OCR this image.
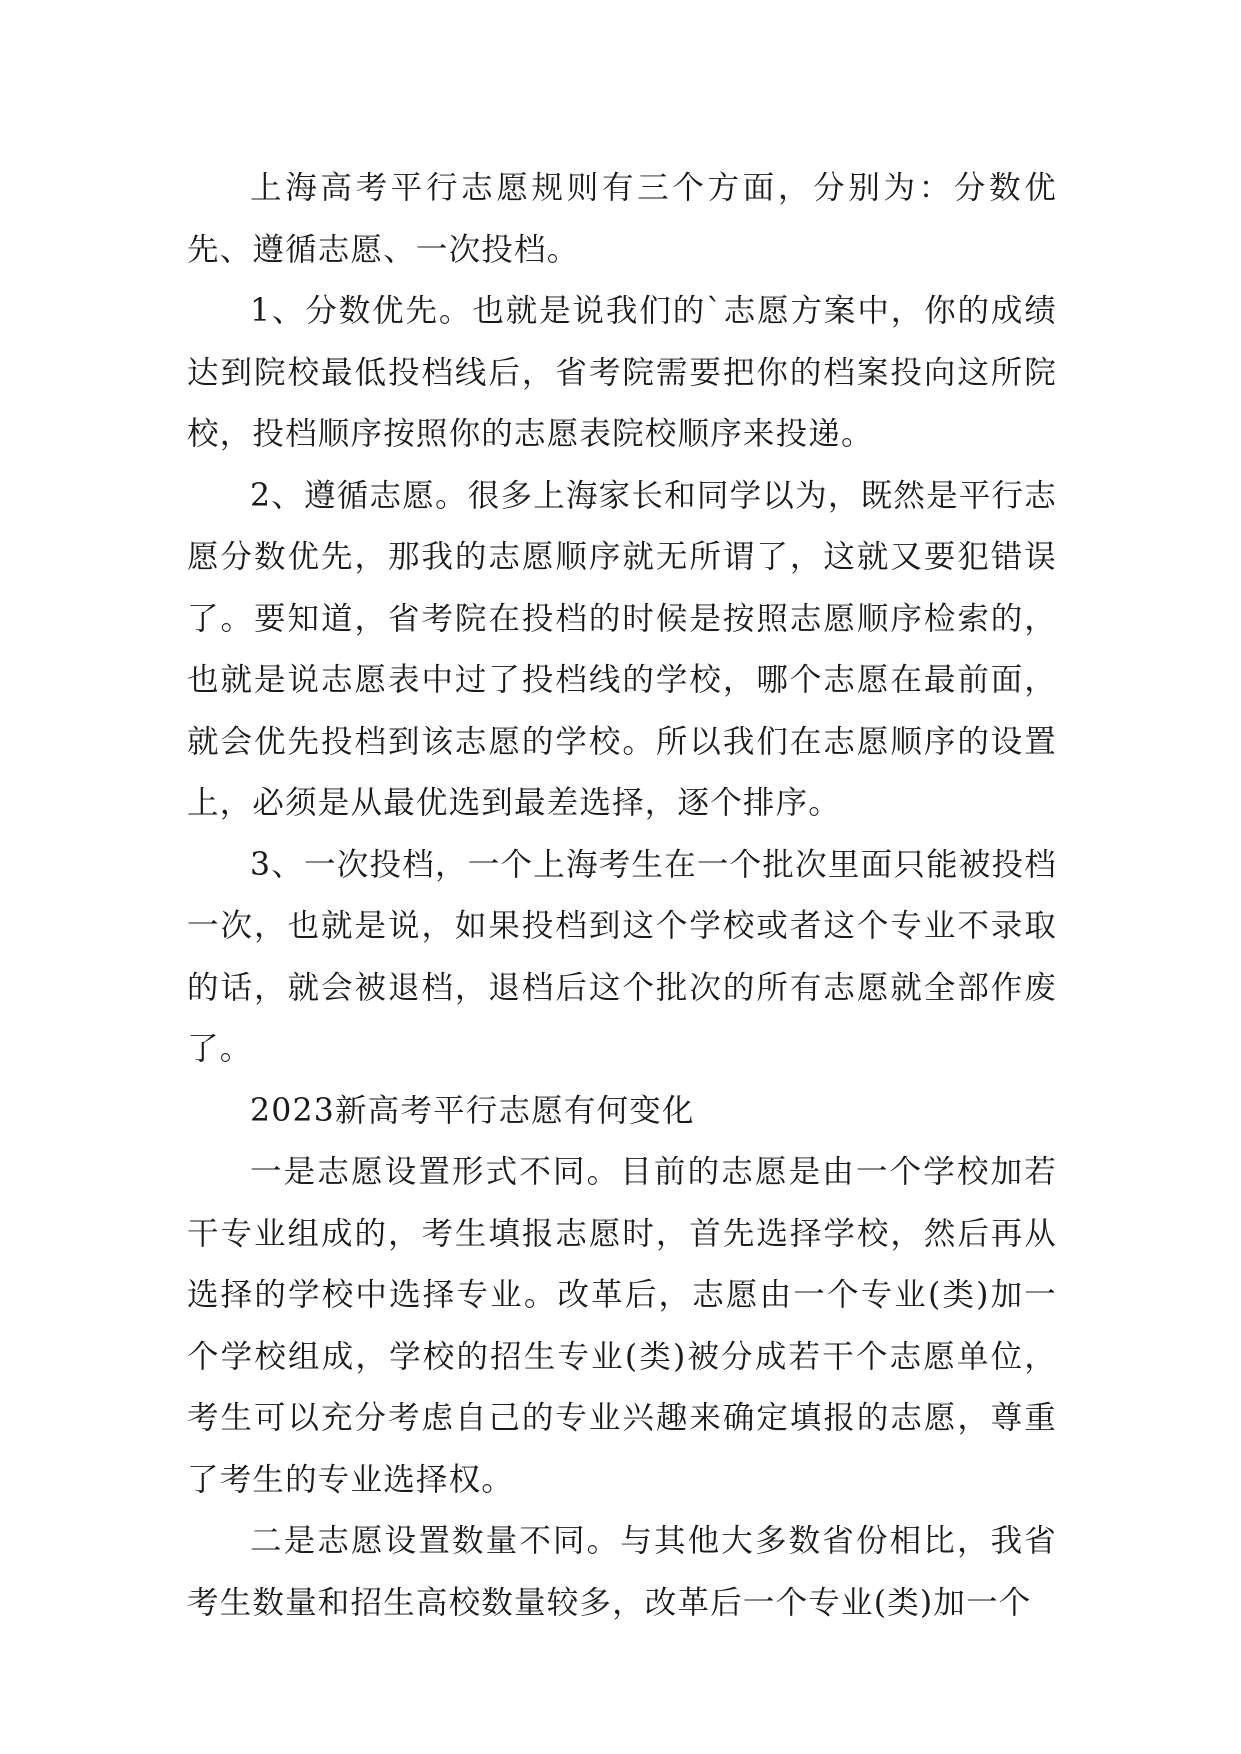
上海高考平行志愿规则有三个方面，分别为：分数优先、遵循志愿、一次投档。

1、分数优先。也就是说我们的`志愿方案中，你的成绩达到院校最低投档线后，省考院需要把你的档案投向这所院校，投档顺序按照你的志愿表院校顺序来投递。

2、遵循志愿。很多上海家长和同学以为，既然是平行志愿分数优先，那我的志愿顺序就无所谓了，这就又要犯错误了。要知道，省考院在投档的时候是按照志愿顺序检索的，也就是说志愿表中过了投档线的学校，哪个志愿在最前面，就会优先投档到该志愿的学校。所以我们在志愿顺序的设置上，必须是从最优选到最差选择，逐个排序。

3、一次投档，一个上海考生在一个批次里面只能被投档一次，也就是说，如果投档到这个学校或者这个专业不录取的话，就会被退档，退档后这个批次的所有志愿就全部作废了。

2023新高考平行志愿有何变化

一是志愿设置形式不同。目前的志愿是由一个学校加若干专业组成的，考生填报志愿时，首先选择学校，然后再从选择的学校中选择专业。改革后，志愿由一个专业(类)加一个学校组成，学校的招生专业(类)被分成若干个志愿单位，考生可以充分考虑自己的专业兴趣来确定填报的志愿，尊重了考生的专业选择权。

二是志愿设置数量不同。与其他大多数省份相比，我省考生数量和招生高校数量较多，改革后一个专业(类)加一个
